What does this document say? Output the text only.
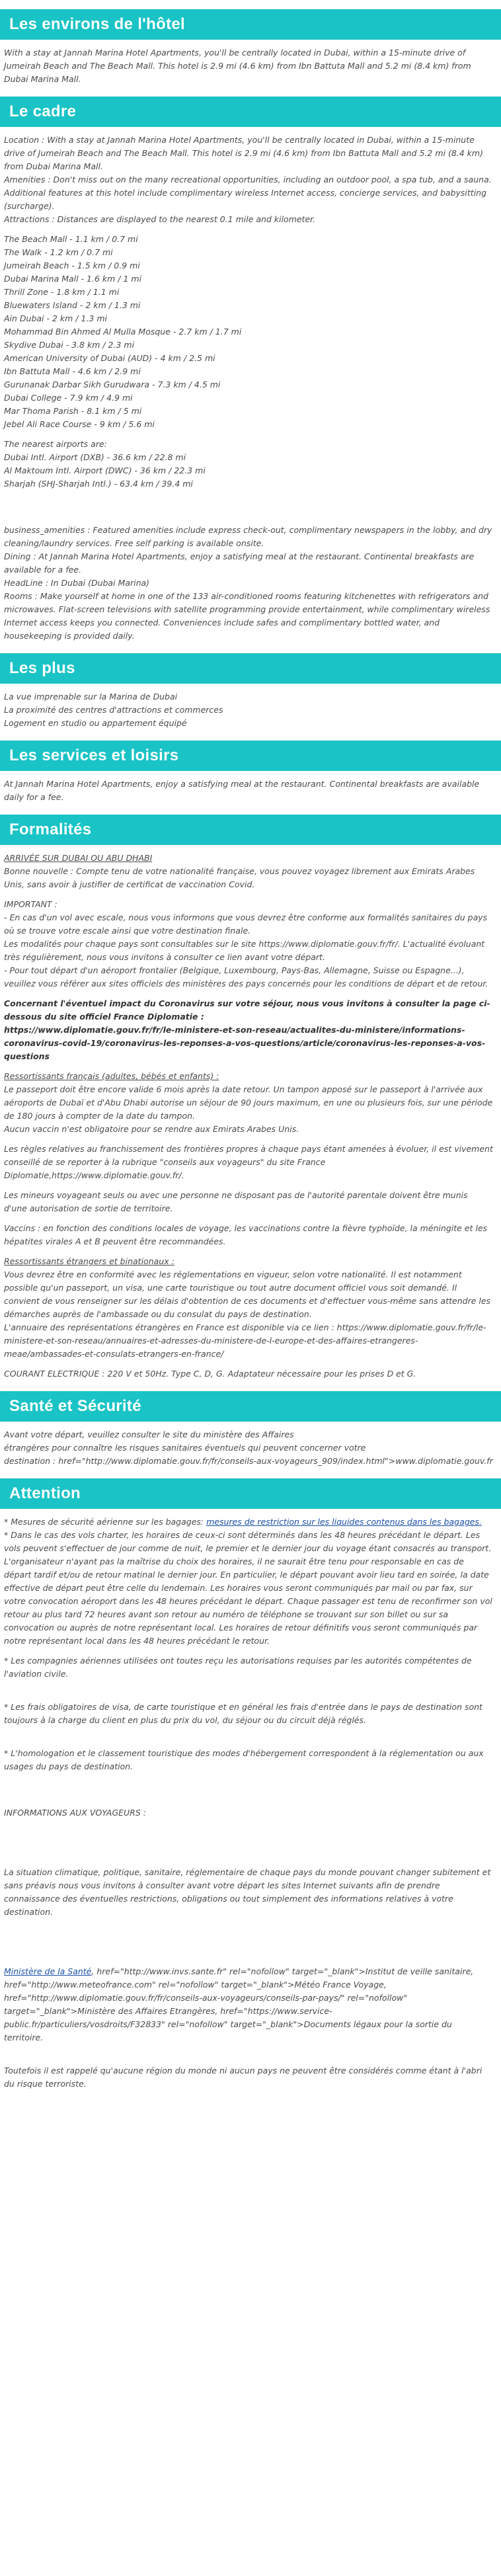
Les environs de l'hôtel

With a stay at Jannah Marina Hotel Apartments, you'll be centrally located in Dubai, within a 15-minute drive of Jumeirah Beach and The Beach Mall. This hotel is 2.9 mi (4.6 km) from Ibn Battuta Mall and 5.2 mi (8.4 km) from Dubai Marina Mall.

Le cadre
Location : With a stay at Jannah Marina Hotel Apartments, you'll be centrally located in Dubai, within a 15-minute drive of Jumeirah Beach and The Beach Mall. This hotel is 2.9 mi (4.6 km) from Ibn Battuta Mall and 5.2 mi (8.4 km) from Dubai Marina Mall.
Amenities : Don't miss out on the many recreational opportunities, including an outdoor pool, a spa tub, and a sauna. Additional features at this hotel include complimentary wireless Internet access, concierge services, and babysitting (surcharge).
Attractions : Distances are displayed to the nearest 0.1 mile and kilometer.
The Beach Mall - 1.1 km / 0.7 mi
The Walk - 1.2 km / 0.7 mi
Jumeirah Beach - 1.5 km / 0.9 mi
Dubai Marina Mall - 1.6 km / 1 mi
Thrill Zone - 1.8 km / 1.1 mi
Bluewaters Island - 2 km / 1.3 mi
Ain Dubai - 2 km / 1.3 mi
Mohammad Bin Ahmed Al Mulla Mosque - 2.7 km / 1.7 mi
Skydive Dubai - 3.8 km / 2.3 mi
American University of Dubai (AUD) - 4 km / 2.5 mi
Ibn Battuta Mall - 4.6 km / 2.9 mi
Gurunanak Darbar Sikh Gurudwara - 7.3 km / 4.5 mi
Dubai College - 7.9 km / 4.9 mi
Mar Thoma Parish - 8.1 km / 5 mi
Jebel Ali Race Course - 9 km / 5.6 mi
The nearest airports are:
Dubai Intl. Airport (DXB) - 36.6 km / 22.8 mi
Al Maktoum Intl. Airport (DWC) - 36 km / 22.3 mi
Sharjah (SHJ-Sharjah Intl.) - 63.4 km / 39.4 mi
business_amenities : Featured amenities include express check-out, complimentary newspapers in the lobby, and dry cleaning/laundry services. Free self parking is available onsite.
Dining : At Jannah Marina Hotel Apartments, enjoy a satisfying meal at the restaurant. Continental breakfasts are available for a fee.
HeadLine : In Dubai (Dubai Marina)
Rooms : Make yourself at home in one of the 133 air-conditioned rooms featuring kitchenettes with refrigerators and microwaves. Flat-screen televisions with satellite programming provide entertainment, while complimentary wireless Internet access keeps you connected. Conveniences include safes and complimentary bottled water, and housekeeping is provided daily.
Les plus
La vue imprenable sur la Marina de Dubai
La proximité des centres d'attractions et commerces
Logement en studio ou appartement équipé
Les services et loisirs

At Jannah Marina Hotel Apartments, enjoy a satisfying meal at the restaurant. Continental breakfasts are available daily for a fee.

Formalités
ARRIVÉE SUR DUBAI OU ABU DHABI
Bonne nouvelle : Compte tenu de votre nationalité française, vous pouvez voyagez librement aux Emirats Arabes Unis, sans avoir à justifier de certificat de vaccination Covid.
IMPORTANT :
- En cas d'un vol avec escale, nous vous informons que vous devrez être conforme aux formalités sanitaires du pays où se trouve votre escale ainsi que votre destination finale.
Les modalités pour chaque pays sont consultables sur le site https://www.diplomatie.gouv.fr/fr/. L'actualité évoluant très régulièrement, nous vous invitons à consulter ce lien avant votre départ.
- Pour tout départ d'un aéroport frontalier (Belgique, Luxembourg, Pays-Bas, Allemagne, Suisse ou Espagne...), veuillez vous référer aux sites officiels des ministères des pays concernés pour les conditions de départ et de retour.
Concernant l'éventuel impact du Coronavirus sur votre séjour, nous vous invitons à consulter la page ci-dessous du site officiel France Diplomatie :
https://www.diplomatie.gouv.fr/fr/le-ministere-et-son-reseau/actualites-du-ministere/informations-coronavirus-covid-19/coronavirus-les-reponses-a-vos-questions/article/coronavirus-les-reponses-a-vos-questions
Ressortissants français (adultes, bébés et enfants) :
Le passeport doit être encore valide 6 mois après la date retour. Un tampon apposé sur le passeport à l'arrivée aux aéroports de Dubaï et d'Abu Dhabi autorise un séjour de 90 jours maximum, en une ou plusieurs fois, sur une période de 180 jours à compter de la date du tampon.
Aucun vaccin n'est obligatoire pour se rendre aux Emirats Arabes Unis.
Les règles relatives au franchissement des frontières propres à chaque pays étant amenées à évoluer, il est vivement conseillé de se reporter à la rubrique "conseils aux voyageurs" du site France Diplomatie,https://www.diplomatie.gouv.fr/.
Les mineurs voyageant seuls ou avec une personne ne disposant pas de l'autorité parentale doivent être munis d'une autorisation de sortie de territoire.
Vaccins : en fonction des conditions locales de voyage, les vaccinations contre la fièvre typhoïde, la méningite et les hépatites virales A et B peuvent être recommandées.
Ressortissants étrangers et binationaux :
Vous devrez être en conformité avec les réglementations en vigueur, selon votre nationalité. Il est notamment possible qu'un passeport, un visa, une carte touristique ou tout autre document officiel vous soit demandé. Il convient de vous renseigner sur les délais d'obtention de ces documents et d'effectuer vous-même sans attendre les démarches auprès de l'ambassade ou du consulat du pays de destination.
L'annuaire des représentations étrangères en France est disponible via ce lien : https://www.diplomatie.gouv.fr/fr/le-ministere-et-son-reseau/annuaires-et-adresses-du-ministere-de-l-europe-et-des-affaires-etrangeres-meae/ambassades-et-consulats-etrangers-en-france/
COURANT ELECTRIQUE : 220 V et 50Hz. Type C, D, G. Adaptateur nécessaire pour les prises D et G.
Santé et Sécurité
Avant votre départ, veuillez consulter le site du ministère des Affaires
étrangères pour connaître les risques sanitaires éventuels qui peuvent concerner votre
destination : href="http://www.diplomatie.gouv.fr/fr/conseils-aux-voyageurs_909/index.html">www.diplomatie.gouv.fr
Attention
* Mesures de sécurité aérienne sur les bagages: mesures de restriction sur les liquides contenus dans les bagages.
* Dans le cas des vols charter, les horaires de ceux-ci sont déterminés dans les 48 heures précédant le départ. Les vols peuvent s'effectuer de jour comme de nuit, le premier et le dernier jour du voyage étant consacrés au transport. L'organisateur n'ayant pas la maîtrise du choix des horaires, il ne saurait être tenu pour responsable en cas de départ tardif et/ou de retour matinal le dernier jour. En particulier, le départ pouvant avoir lieu tard en soirée, la date effective de départ peut être celle du lendemain. Les horaires vous seront communiqués par mail ou par fax, sur votre convocation aéroport dans les 48 heures précédant le départ. Chaque passager est tenu de reconfirmer son vol retour au plus tard 72 heures avant son retour au numéro de téléphone se trouvant sur son billet ou sur sa convocation ou auprès de notre représentant local. Les horaires de retour définitifs vous seront communiqués par notre représentant local dans les 48 heures précédant le retour.
* Les compagnies aériennes utilisées ont toutes reçu les autorisations requises par les autorités compétentes de l'aviation civile.
* Les frais obligatoires de visa, de carte touristique et en général les frais d'entrée dans le pays de destination sont toujours à la charge du client en plus du prix du vol, du séjour ou du circuit déjà réglés.
* L'homologation et le classement touristique des modes d'hébergement correspondent à la réglementation ou aux usages du pays de destination.
INFORMATIONS AUX VOYAGEURS :
La situation climatique, politique, sanitaire, réglementaire de chaque pays du monde pouvant changer subitement et sans préavis nous vous invitons à consulter avant votre départ les sites Internet suivants afin de prendre connaissance des éventuelles restrictions, obligations ou tout simplement des informations relatives à votre destination.
Ministère de la Santé, href="http://www.invs.sante.fr" rel="nofollow" target="_blank">Institut de veille sanitaire, href="http://www.meteofrance.com" rel="nofollow" target="_blank">Météo France Voyage, href="http://www.diplomatie.gouv.fr/fr/conseils-aux-voyageurs/conseils-par-pays/" rel="nofollow" target="_blank">Ministère des Affaires Etrangères, href="https://www.service-public.fr/particuliers/vosdroits/F32833" rel="nofollow" target="_blank">Documents légaux pour la sortie du territoire.
Toutefois il est rappelé qu'aucune région du monde ni aucun pays ne peuvent être considérés comme étant à l'abri du risque terroriste.
